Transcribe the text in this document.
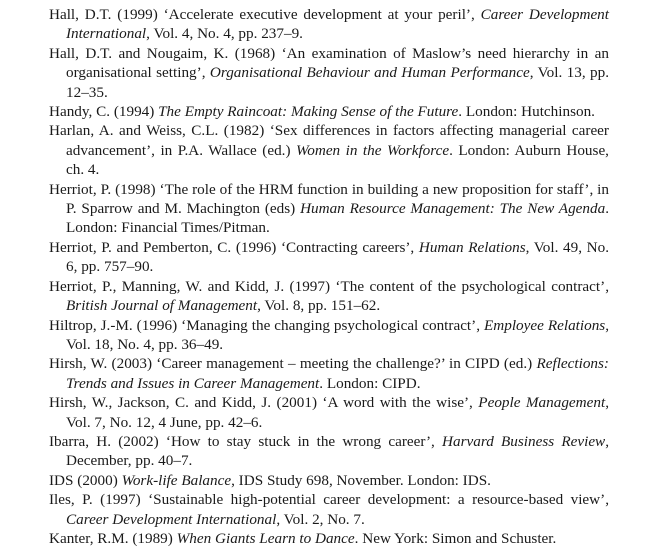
Hall, D.T. (1999) ‘Accelerate executive development at your peril’, Career Development International, Vol. 4, No. 4, pp. 237–9.

Hall, D.T. and Nougaim, K. (1968) ‘An examination of Maslow’s need hierarchy in an organisational setting’, Organisational Behaviour and Human Performance, Vol. 13, pp. 12–35.

Handy, C. (1994) The Empty Raincoat: Making Sense of the Future. London: Hutchinson.

Harlan, A. and Weiss, C.L. (1982) ‘Sex differences in factors affecting managerial career advancement’, in P.A. Wallace (ed.) Women in the Workforce. London: Auburn House, ch. 4.

Herriot, P. (1998) ‘The role of the HRM function in building a new proposition for staff’, in P. Sparrow and M. Machington (eds) Human Resource Management: The New Agenda. London: Financial Times/Pitman.

Herriot, P. and Pemberton, C. (1996) ‘Contracting careers’, Human Relations, Vol. 49, No. 6, pp. 757–90.

Herriot, P., Manning, W. and Kidd, J. (1997) ‘The content of the psychological contract’, British Journal of Management, Vol. 8, pp. 151–62.

Hiltrop, J.-M. (1996) ‘Managing the changing psychological contract’, Employee Relations, Vol. 18, No. 4, pp. 36–49.

Hirsh, W. (2003) ‘Career management – meeting the challenge?’ in CIPD (ed.) Reflections: Trends and Issues in Career Management. London: CIPD.

Hirsh, W., Jackson, C. and Kidd, J. (2001) ‘A word with the wise’, People Management, Vol. 7, No. 12, 4 June, pp. 42–6.

Ibarra, H. (2002) ‘How to stay stuck in the wrong career’, Harvard Business Review, December, pp. 40–7.

IDS (2000) Work-life Balance, IDS Study 698, November. London: IDS.

Iles, P. (1997) ‘Sustainable high-potential career development: a resource-based view’, Career Development International, Vol. 2, No. 7.

Kanter, R.M. (1989) When Giants Learn to Dance. New York: Simon and Schuster.
